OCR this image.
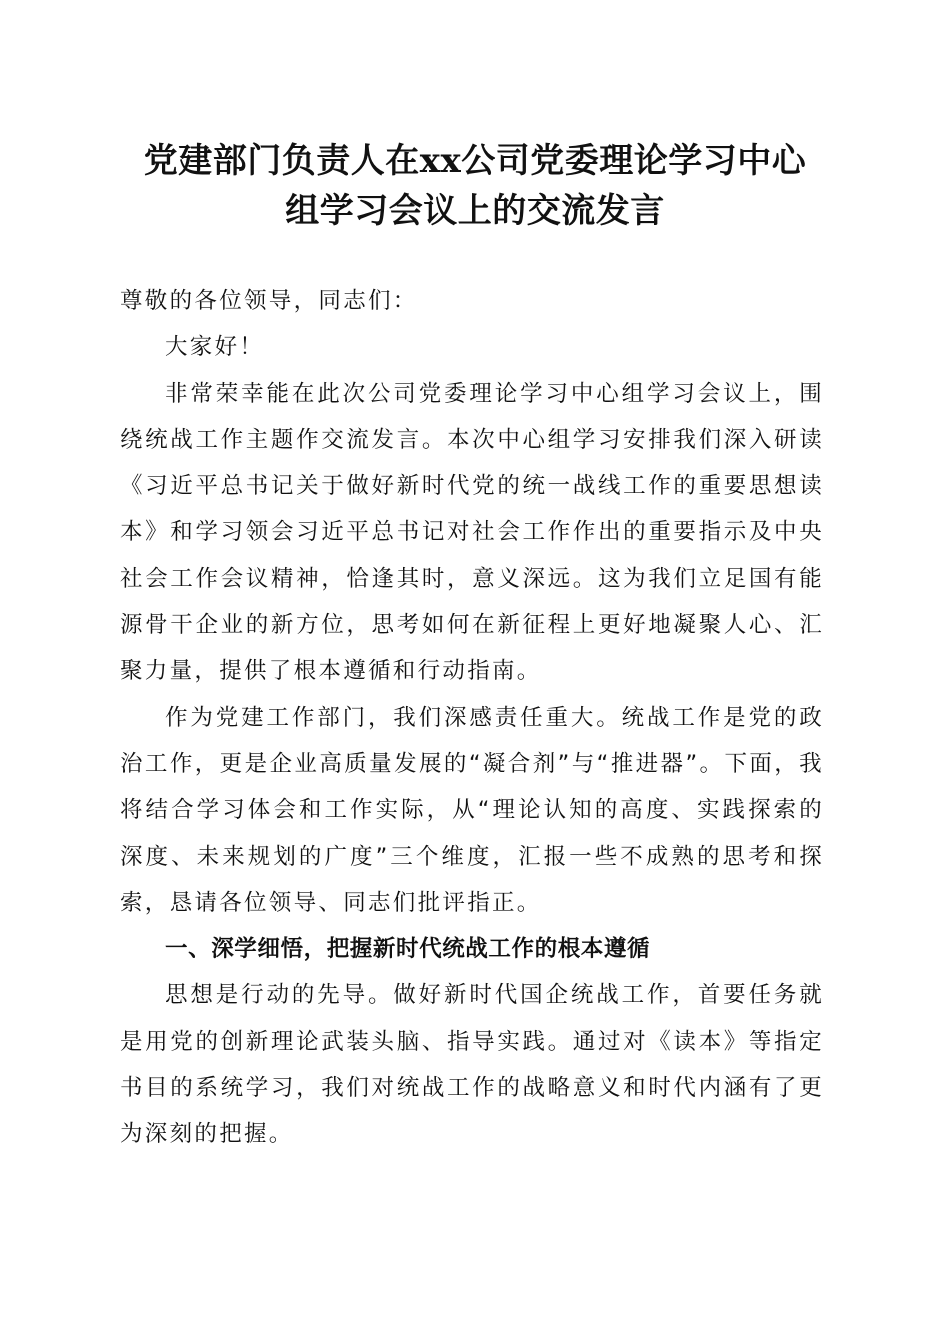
党建部门负责人在xx公司党委理论学习中心
组学习会议上的交流发言

尊敬的各位领导，同志们：

大家好！

非常荣幸能在此次公司党委理论学习中心组学习会议上，围绕统战工作主题作交流发言。本次中心组学习安排我们深入研读《习近平总书记关于做好新时代党的统一战线工作的重要思想读本》和学习领会习近平总书记对社会工作作出的重要指示及中央社会工作会议精神，恰逢其时，意义深远。这为我们立足国有能源骨干企业的新方位，思考如何在新征程上更好地凝聚人心、汇聚力量，提供了根本遵循和行动指南。

作为党建工作部门，我们深感责任重大。统战工作是党的政治工作，更是企业高质量发展的“凝合剂”与“推进器”。下面，我将结合学习体会和工作实际，从“理论认知的高度、实践探索的深度、未来规划的广度”三个维度，汇报一些不成熟的思考和探索，恳请各位领导、同志们批评指正。

一、深学细悟，把握新时代统战工作的根本遵循

思想是行动的先导。做好新时代国企统战工作，首要任务就是用党的创新理论武装头脑、指导实践。通过对《读本》等指定书目的系统学习，我们对统战工作的战略意义和时代内涵有了更为深刻的把握。
